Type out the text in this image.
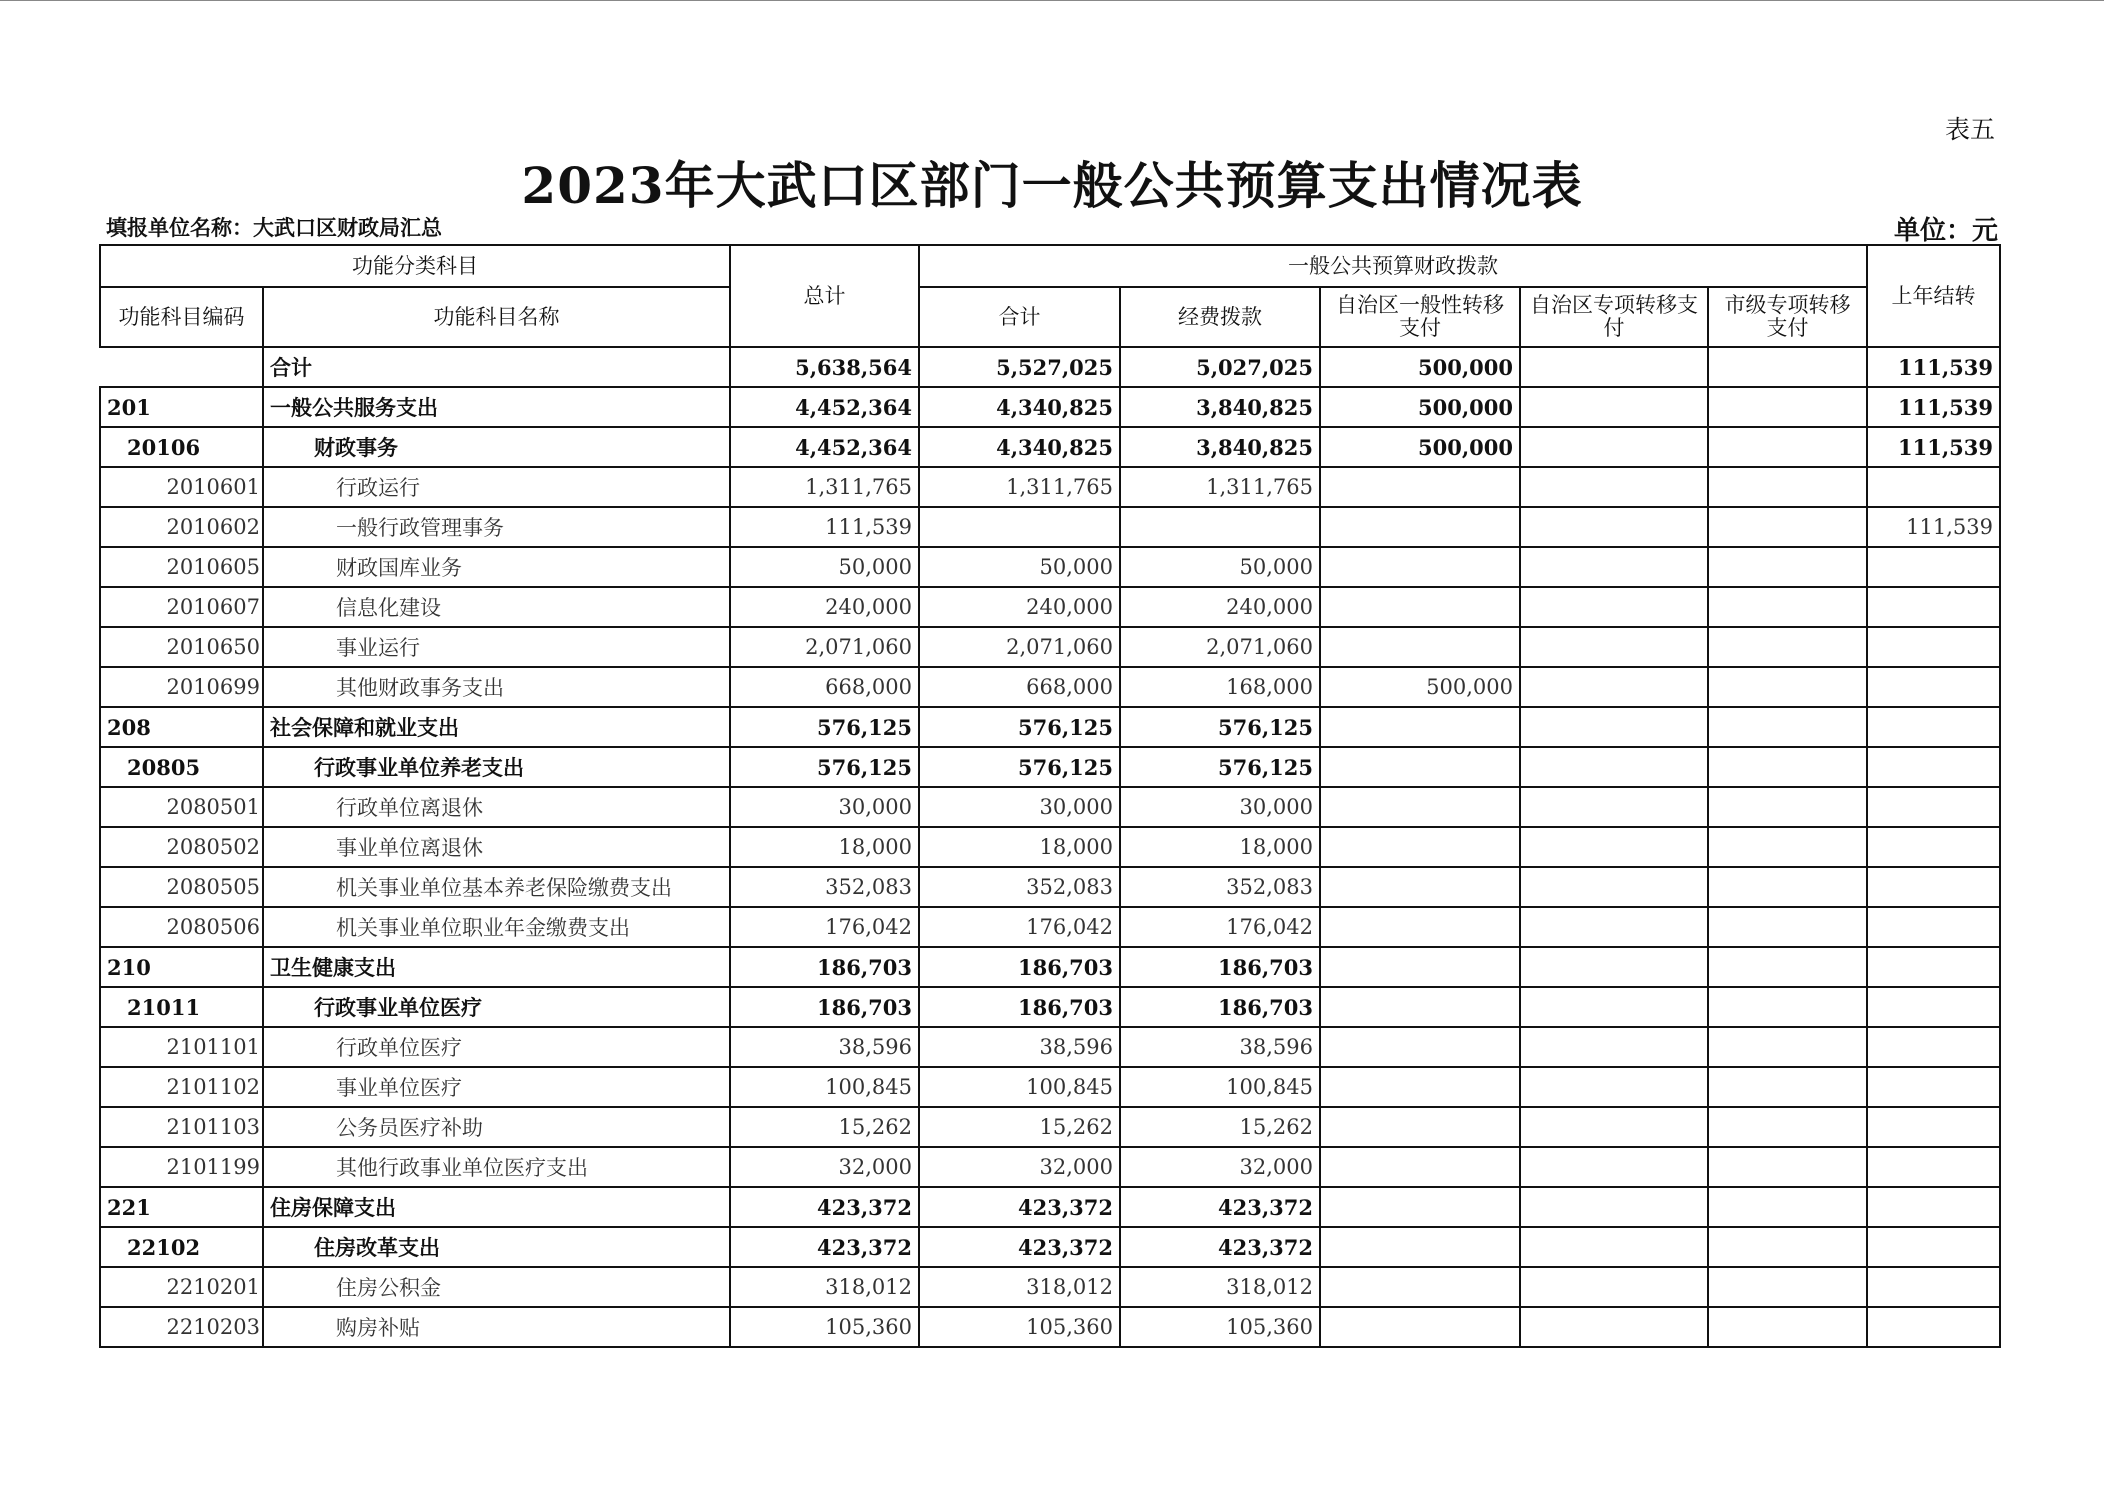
表五
2023年大武口区部门一般公共预算支出情况表
填报单位名称：大武口区财政局汇总	单位：元
功能分类科目		总计	一般公共预算财政拨款					上年结转
功能科目编码	功能科目名称		合计	经费拨款	自治区一般性转移支付	自治区专项转移支付	市级专项转移支付	
	合计	5,638,564	5,527,025	5,027,025	500,000			111,539
201	一般公共服务支出	4,452,364	4,340,825	3,840,825	500,000			111,539
20106	财政事务	4,452,364	4,340,825	3,840,825	500,000			111,539
2010601	行政运行	1,311,765	1,311,765	1,311,765				
2010602	一般行政管理事务	111,539						111,539
2010605	财政国库业务	50,000	50,000	50,000				
2010607	信息化建设	240,000	240,000	240,000				
2010650	事业运行	2,071,060	2,071,060	2,071,060				
2010699	其他财政事务支出	668,000	668,000	168,000	500,000			
208	社会保障和就业支出	576,125	576,125	576,125				
20805	行政事业单位养老支出	576,125	576,125	576,125				
2080501	行政单位离退休	30,000	30,000	30,000				
2080502	事业单位离退休	18,000	18,000	18,000				
2080505	机关事业单位基本养老保险缴费支出	352,083	352,083	352,083				
2080506	机关事业单位职业年金缴费支出	176,042	176,042	176,042				
210	卫生健康支出	186,703	186,703	186,703				
21011	行政事业单位医疗	186,703	186,703	186,703				
2101101	行政单位医疗	38,596	38,596	38,596				
2101102	事业单位医疗	100,845	100,845	100,845				
2101103	公务员医疗补助	15,262	15,262	15,262				
2101199	其他行政事业单位医疗支出	32,000	32,000	32,000				
221	住房保障支出	423,372	423,372	423,372				
22102	住房改革支出	423,372	423,372	423,372				
2210201	住房公积金	318,012	318,012	318,012				
2210203	购房补贴	105,360	105,360	105,360				
